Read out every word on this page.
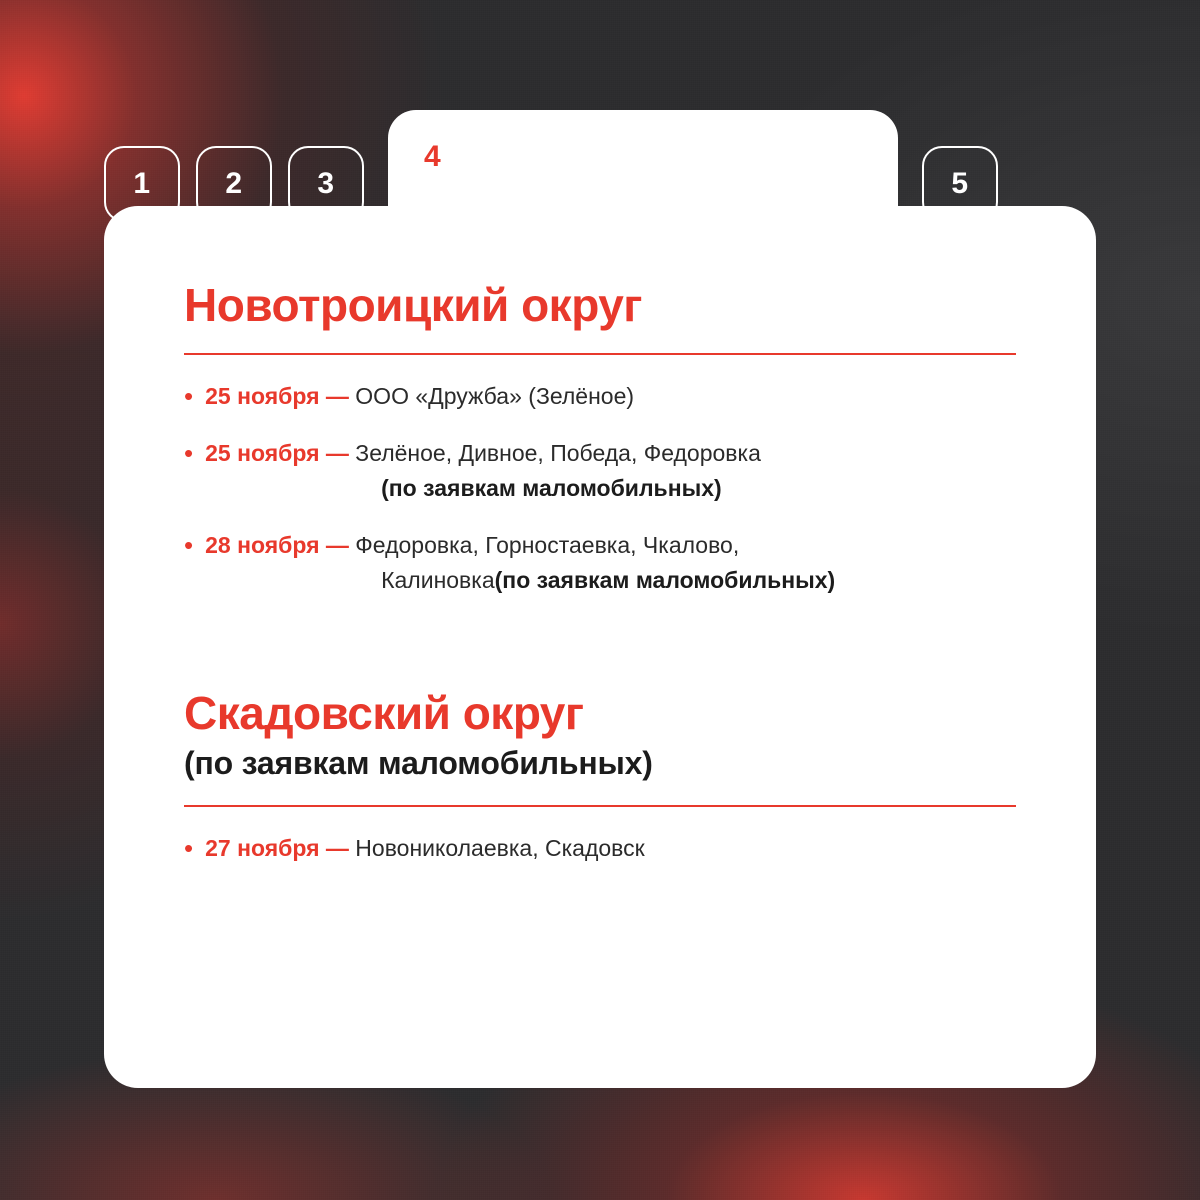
1 2 3
4
5
Новотроицкий округ
• 25 ноября — ООО «Дружба» (Зелёное)
• 25 ноября — Зелёное, Дивное, Победа, Федоровка
(по заявкам маломобильных)
• 28 ноября — Федоровка, Горностаевка, Чкалово,
Калиновка(по заявкам маломобильных)
Скадовский округ

(по заявкам маломобильных)

• 27 ноября — Новониколаевка, Скадовск
